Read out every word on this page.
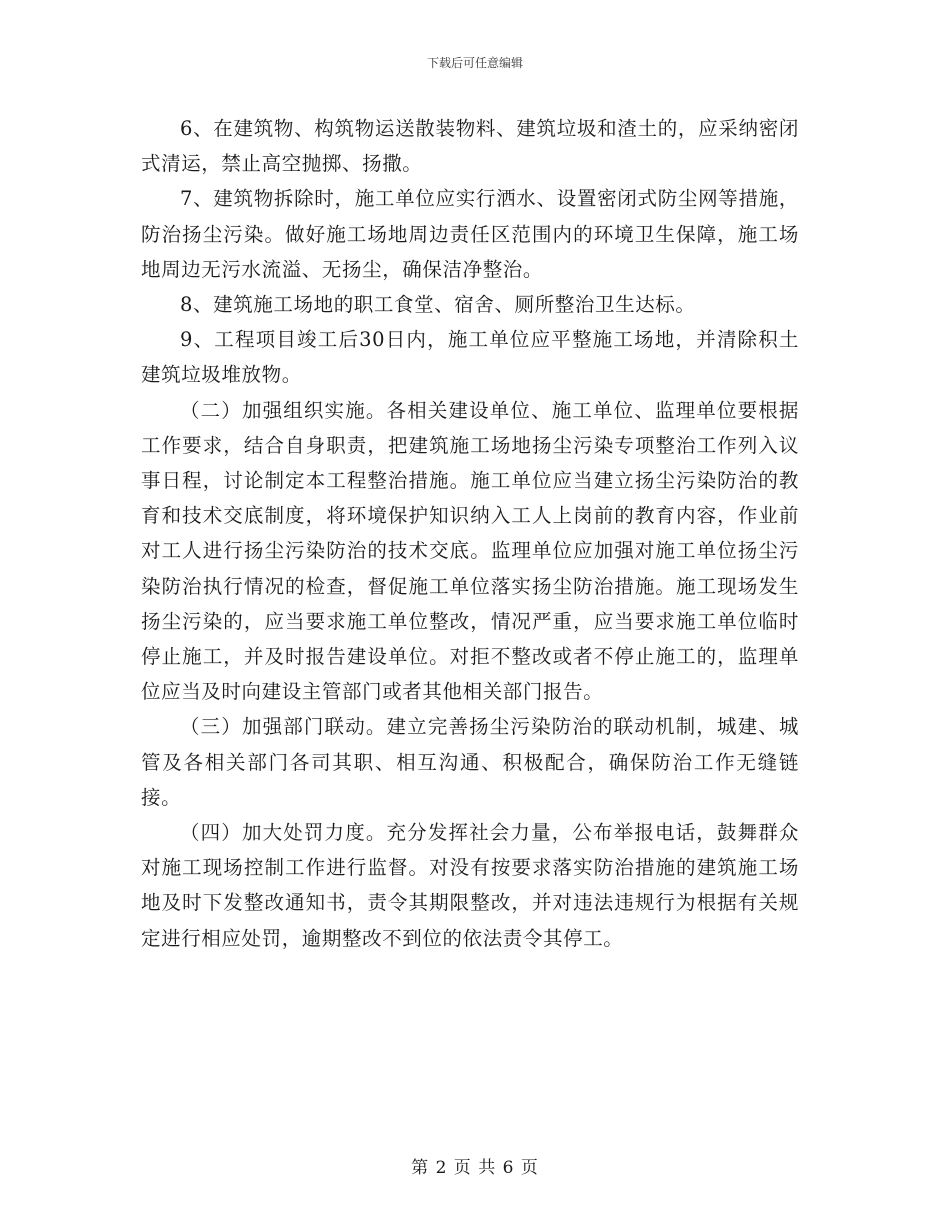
下载后可任意编辑

6、在建筑物、构筑物运送散装物料、建筑垃圾和渣土的，应采纳密闭式清运，禁止高空抛掷、扬撒。

7、建筑物拆除时，施工单位应实行洒水、设置密闭式防尘网等措施，防治扬尘污染。做好施工场地周边责任区范围内的环境卫生保障，施工场地周边无污水流溢、无扬尘，确保洁净整治。

8、建筑施工场地的职工食堂、宿舍、厕所整治卫生达标。

9、工程项目竣工后30日内，施工单位应平整施工场地，并清除积土建筑垃圾堆放物。

（二）加强组织实施。各相关建设单位、施工单位、监理单位要根据工作要求，结合自身职责，把建筑施工场地扬尘污染专项整治工作列入议事日程，讨论制定本工程整治措施。施工单位应当建立扬尘污染防治的教育和技术交底制度，将环境保护知识纳入工人上岗前的教育内容，作业前对工人进行扬尘污染防治的技术交底。监理单位应加强对施工单位扬尘污染防治执行情况的检查，督促施工单位落实扬尘防治措施。施工现场发生扬尘污染的，应当要求施工单位整改，情况严重，应当要求施工单位临时停止施工，并及时报告建设单位。对拒不整改或者不停止施工的，监理单位应当及时向建设主管部门或者其他相关部门报告。

（三）加强部门联动。建立完善扬尘污染防治的联动机制，城建、城管及各相关部门各司其职、相互沟通、积极配合，确保防治工作无缝链接。

（四）加大处罚力度。充分发挥社会力量，公布举报电话，鼓舞群众对施工现场控制工作进行监督。对没有按要求落实防治措施的建筑施工场地及时下发整改通知书，责令其期限整改，并对违法违规行为根据有关规定进行相应处罚，逾期整改不到位的依法责令其停工。

第 2 页 共 6 页
